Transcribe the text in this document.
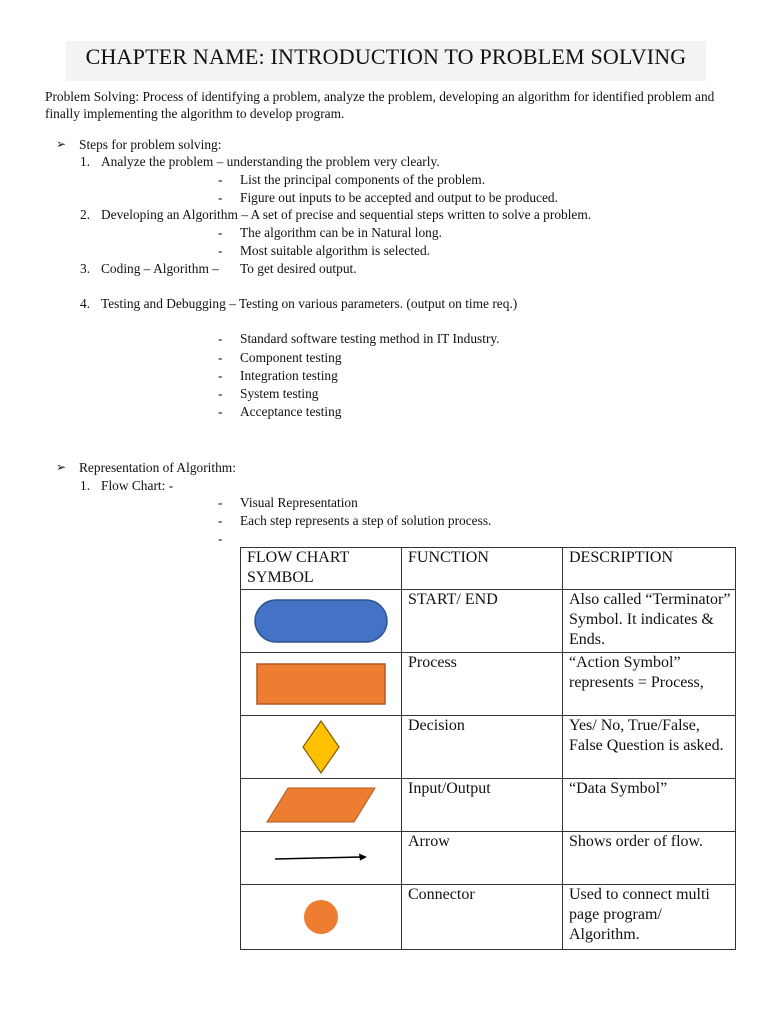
CHAPTER NAME: INTRODUCTION TO PROBLEM SOLVING
Problem Solving: Process of identifying a problem, analyze the problem, developing an algorithm for identified problem and finally implementing the algorithm to develop program.
➢ Steps for problem solving:
1. Analyze the problem – understanding the problem very clearly.
- List the principal components of the problem.
- Figure out inputs to be accepted and output to be produced.
2. Developing an Algorithm – A set of precise and sequential steps written to solve a problem.
- The algorithm can be in Natural long.
- Most suitable algorithm is selected.
3. Coding – Algorithm – To get desired output.
4. Testing and Debugging – Testing on various parameters. (output on time req.)
- Standard software testing method in IT Industry.
- Component testing
- Integration testing
- System testing
- Acceptance testing
➢ Representation of Algorithm:
1. Flow Chart: -
- Visual Representation
- Each step represents a step of solution process.
-
FLOW CHART SYMBOL	FUNCTION	DESCRIPTION

	START/ END	Also called “Terminator” Symbol. It indicates & Ends.

	Process	“Action Symbol” represents = Process,

	Decision	Yes/ No, True/False, False Question is asked.

	Input/Output	“Data Symbol”

	Arrow	Shows order of flow.

	Connector	Used to connect multi page program/ Algorithm.
